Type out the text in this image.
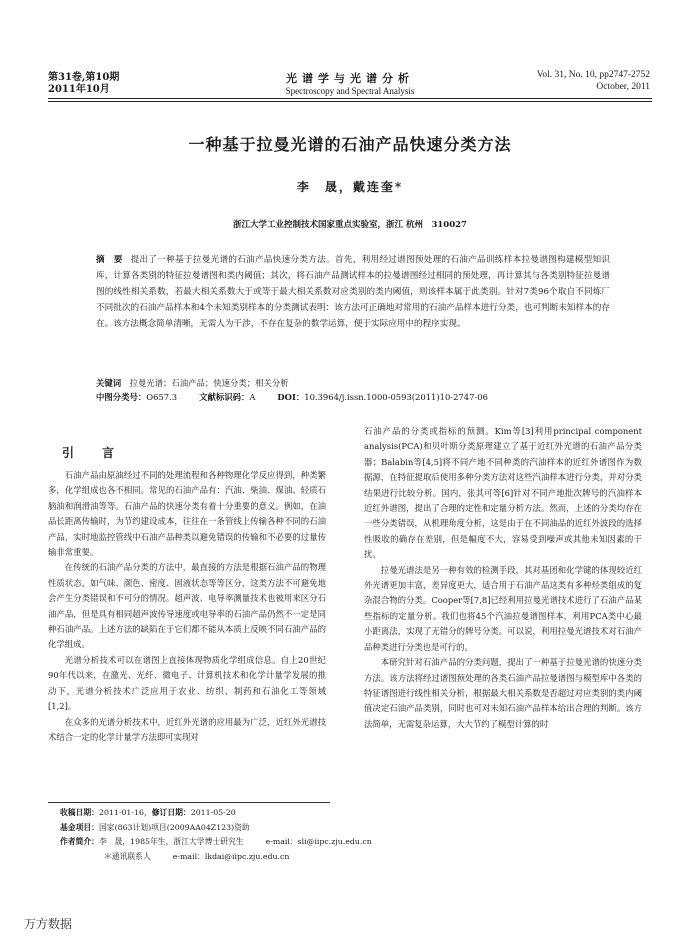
第31卷,第10期
2011年10月
光谱学与光谱分析
Spectroscopy and Spectral Analysis
Vol. 31, No. 10, pp2747-2752
October, 2011
一种基于拉曼光谱的石油产品快速分类方法
李　晟，戴连奎*
浙江大学工业控制技术国家重点实验室，浙江 杭州　310027
摘　要 提出了一种基于拉曼光谱的石油产品快速分类方法。首先，利用经过谱图预处理的石油产品训练样本拉曼谱图构建模型知识库，计算各类别的特征拉曼谱图和类内阈值；其次，将石油产品测试样本的拉曼谱图经过相同的预处理，再计算其与各类别特征拉曼谱图的线性相关系数，若最大相关系数大于或等于最大相关系数对应类别的类内阈值，则该样本属于此类别。针对7类96个取自不同炼厂不同批次的石油产品样本和4个未知类别样本的分类测试表明：该方法可正确地对常用的石油产品样本进行分类，也可判断未知样本的存在。该方法概念简单清晰，无需人为干涉，不存在复杂的数学运算，便于实际应用中的程序实现。
关键词　 拉曼光谱；石油产品；快速分类；相关分析
中图分类号：O657.3	文献标识码：A	DOI：10.3964/j.issn.1000-0593(2011)10-2747-06
引　言

石油产品由原油经过不同的处理流程和各种物理化学反应得到，种类繁多，化学组成也各不相同。常见的石油产品有：汽油、柴油、煤油、轻质石脑油和润滑油等等。石油产品的快速分类有着十分重要的意义。例如，在油品长距离传输时，为节约建设成本，往往在一条管线上传输各种不同的石油产品，实时地监控管线中石油产品种类以避免错误的传输和不必要的过量传输非常重要。

在传统的石油产品分类的方法中，最直接的方法是根据石油产品的物理性质状态，如气味、颜色、密度、固液状态等等区分，这类方法不可避免地会产生分类错误和不可分的情况。超声波、电导率测量技术也被用来区分石油产品，但是具有相同超声波传导速度或电导率的石油产品仍然不一定是同种石油产品。上述方法的缺陷在于它们都不能从本质上反映不同石油产品的化学组成。

光谱分析技术可以在谱图上直接体现物质化学组成信息。自上20世纪90年代以来，在激光、光纤、微电子、计算机技术和化学计量学发展的推动下，光谱分析技术广泛应用于农业、纺织、制药和石油化工等领域[1,2]。

在众多的光谱分析技术中，近红外光谱的应用最为广泛，近红外光谱技术结合一定的化学计量学方法即可实现对

石油产品的分类或指标的预测。Kim等[3]利用principal component analysis(PCA)和贝叶斯分类原理建立了基于近红外光谱的石油产品分类器；Balabin等[4,5]将不同产地不同种类的汽油样本的近红外谱图作为数据源，在特征提取后使用多种分类方法对这些汽油样本进行分类，并对分类结果进行比较分析。国内，张其可等[6]针对不同产地批次牌号的汽油样本近红外谱图，提出了合理的定性和定量分析方法。然而，上述的分类均存在一些分类错误，从机理角度分析，这是由于在不同油品的近红外波段的选择性吸收的确存在差别，但是幅度不大，容易受到噪声或其他未知因素的干扰。

拉曼光谱法是另一种有效的检测手段，其对基团和化学键的体现较近红外光谱更加丰富，差异度更大，适合用于石油产品这类有多种烃类组成的复杂混合物的分类。Cooper等[7,8]已经利用拉曼光谱技术进行了石油产品某些指标的定量分析。我们也将45个汽油拉曼谱图样本，利用PCA类中心最小距离法，实现了无错分的牌号分类。可以说，利用拉曼光谱技术对石油产品种类进行分类也是可行的。

本研究针对石油产品的分类问题，提出了一种基于拉曼光谱的快速分类方法。该方法将经过谱图预处理的各类石油产品拉曼谱图与模型库中各类的特征谱图进行线性相关分析，根据最大相关系数是否超过对应类别的类内阈值决定石油产品类别，同时也可对未知石油产品样本给出合理的判断。该方法简单，无需复杂运算，大大节约了模型计算的时

收稿日期：2011-01-16，修订日期：2011-05-20
基金项目：国家(863计划)项目(2009AA04Z123)资助
作者简介：李　晟，1985年生，浙江大学博士研究生	e-mail：sli@iipc.zju.edu.cn
＊通讯联系人	e-mail：lkdai@iipc.zju.edu.cn
万方数据
